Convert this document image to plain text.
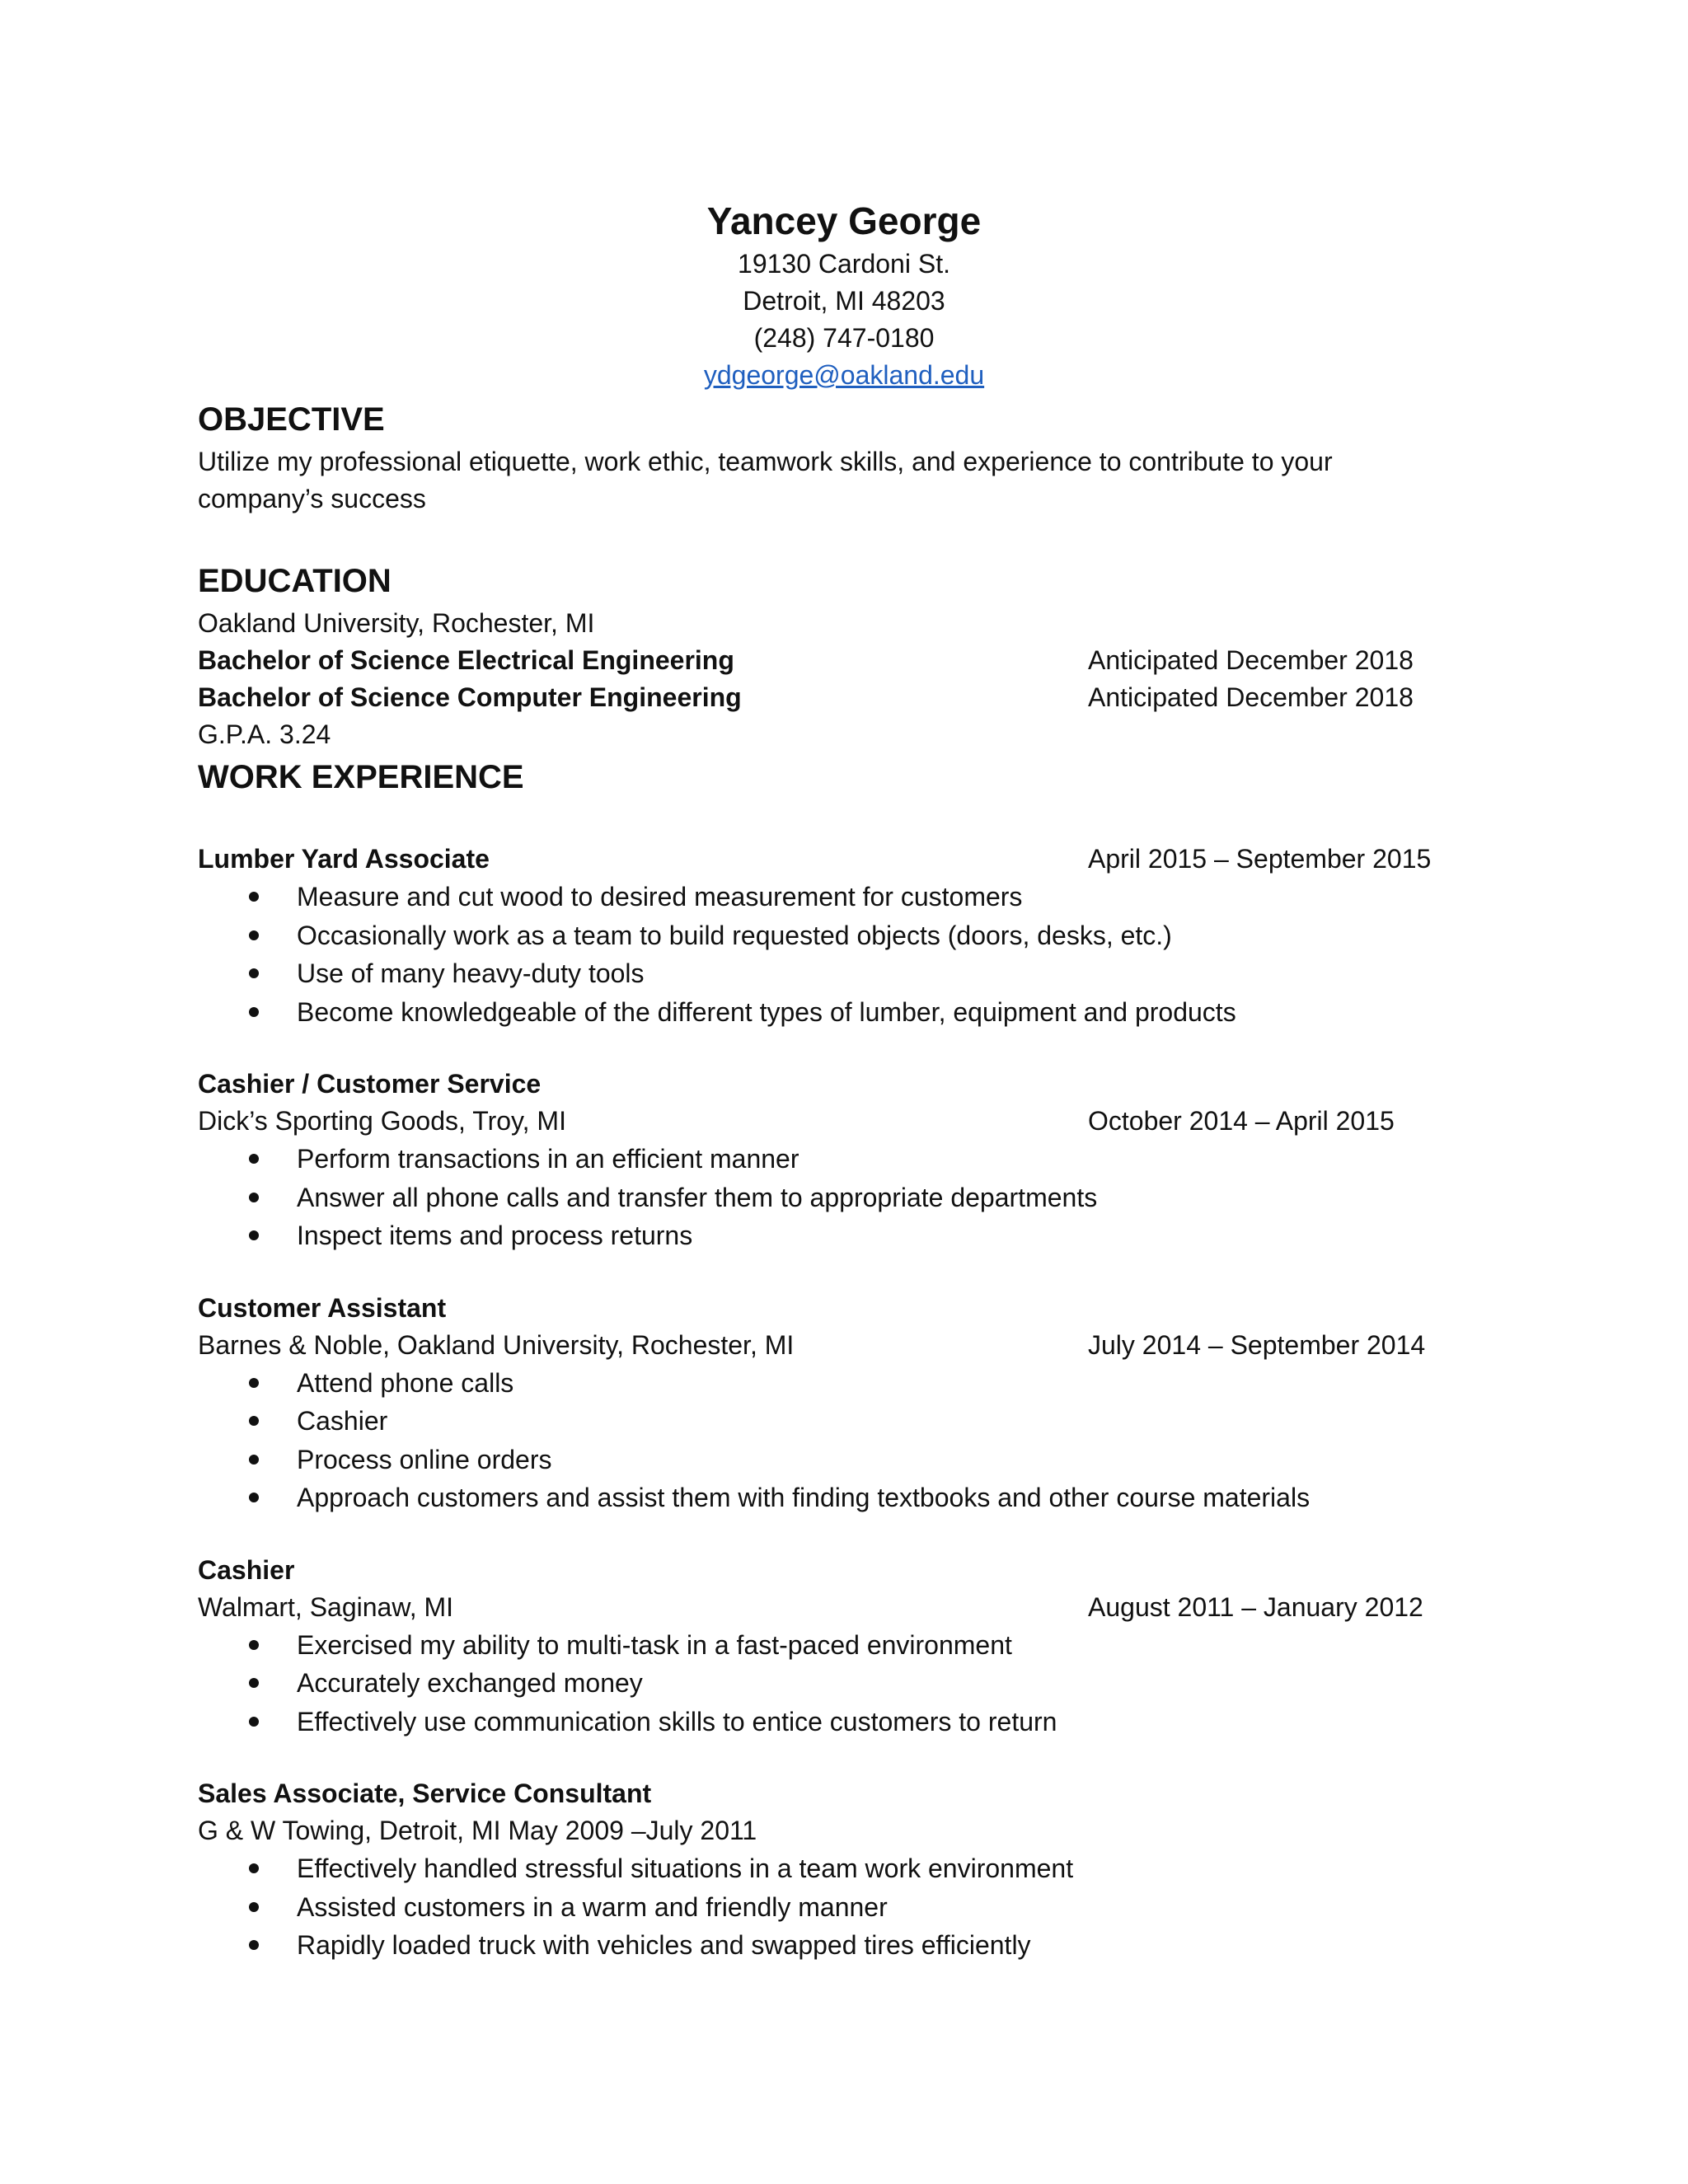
Yancey George

19130 Cardoni St.

Detroit, MI 48203

(248) 747-0180

ydgeorge@oakland.edu

OBJECTIVE

Utilize my professional etiquette, work ethic, teamwork skills, and experience to contribute to your

company’s success

EDUCATION

Oakland University, Rochester, MI

Bachelor of Science Electrical Engineering	Anticipated December 2018
Bachelor of Science Computer Engineering	Anticipated December 2018

G.P.A. 3.24

WORK EXPERIENCE

Lumber Yard Associate	April 2015 – September 2015
Measure and cut wood to desired measurement for customers
Occasionally work as a team to build requested objects (doors, desks, etc.)
Use of many heavy-duty tools
Become knowledgeable of the different types of lumber, equipment and products

Cashier / Customer Service

Dick’s Sporting Goods, Troy, MI	October 2014 – April 2015
Perform transactions in an efficient manner
Answer all phone calls and transfer them to appropriate departments
Inspect items and process returns

Customer Assistant

Barnes & Noble, Oakland University, Rochester, MI	July 2014 – September 2014
Attend phone calls
Cashier
Process online orders
Approach customers and assist them with finding textbooks and other course materials

Cashier

Walmart, Saginaw, MI	August 2011 – January 2012
Exercised my ability to multi-task in a fast-paced environment
Accurately exchanged money
Effectively use communication skills to entice customers to return

Sales Associate, Service Consultant

G & W Towing, Detroit, MI May 2009 –July 2011

Effectively handled stressful situations in a team work environment
Assisted customers in a warm and friendly manner
Rapidly loaded truck with vehicles and swapped tires efficiently
